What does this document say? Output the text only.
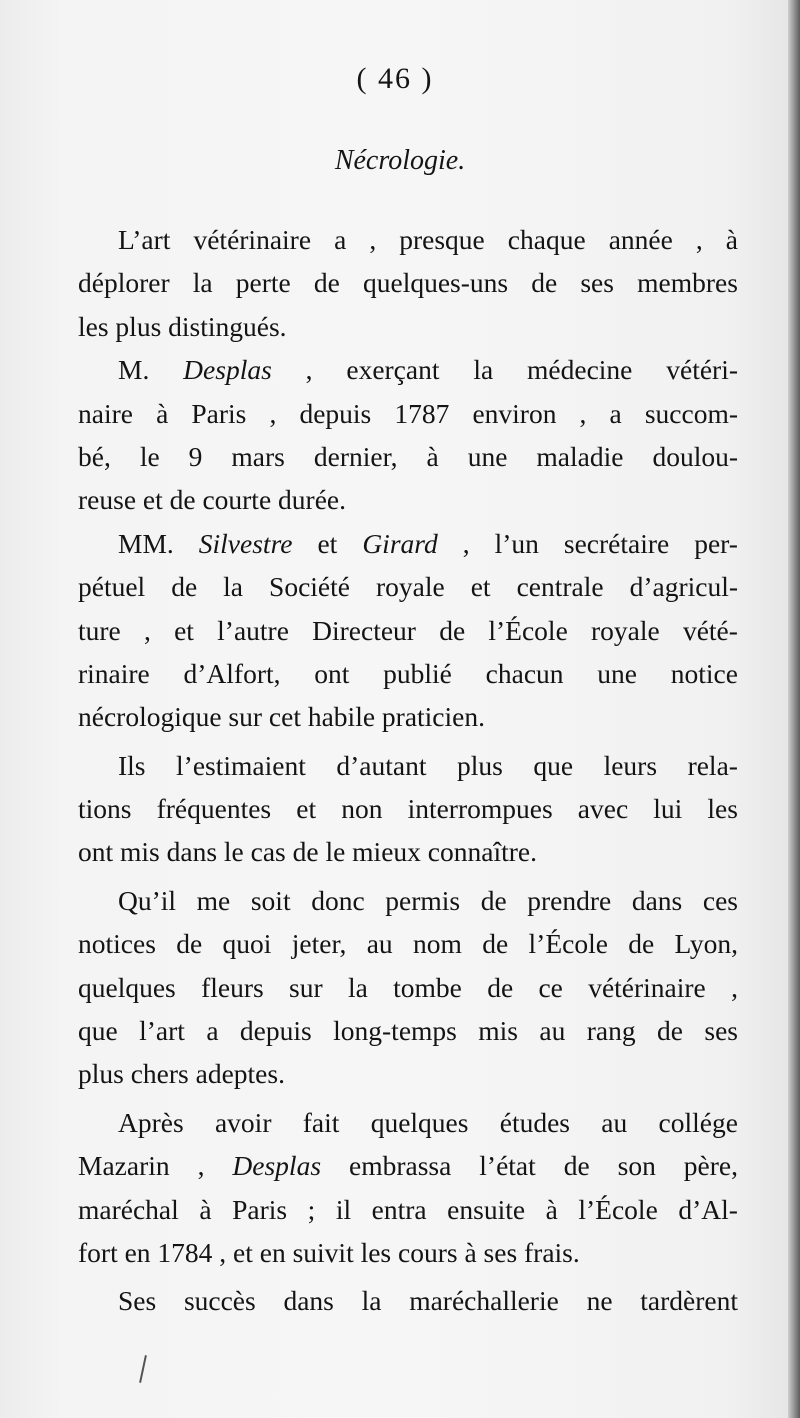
( 46 )
Nécrologie.
L’art vétérinaire a , presque chaque année , à
déplorer la perte de quelques-uns de ses membres
les plus distingués.
M. Desplas , exerçant la médecine vétéri-
naire à Paris , depuis 1787 environ , a succom-
bé, le 9 mars dernier, à une maladie doulou-
reuse et de courte durée.
MM. Silvestre et Girard , l’un secrétaire per-
pétuel de la Société royale et centrale d’agricul-
ture , et l’autre Directeur de l’École royale vété-
rinaire d’Alfort, ont publié chacun une notice
nécrologique sur cet habile praticien.
Ils l’estimaient d’autant plus que leurs rela-
tions fréquentes et non interrompues avec lui les
ont mis dans le cas de le mieux connaître.
Qu’il me soit donc permis de prendre dans ces
notices de quoi jeter, au nom de l’École de Lyon,
quelques fleurs sur la tombe de ce vétérinaire ,
que l’art a depuis long-temps mis au rang de ses
plus chers adeptes.
Après avoir fait quelques études au collége
Mazarin , Desplas embrassa l’état de son père,
maréchal à Paris ; il entra ensuite à l’École d’Al-
fort en 1784 , et en suivit les cours à ses frais.
Ses succès dans la maréchallerie ne tardèrent
